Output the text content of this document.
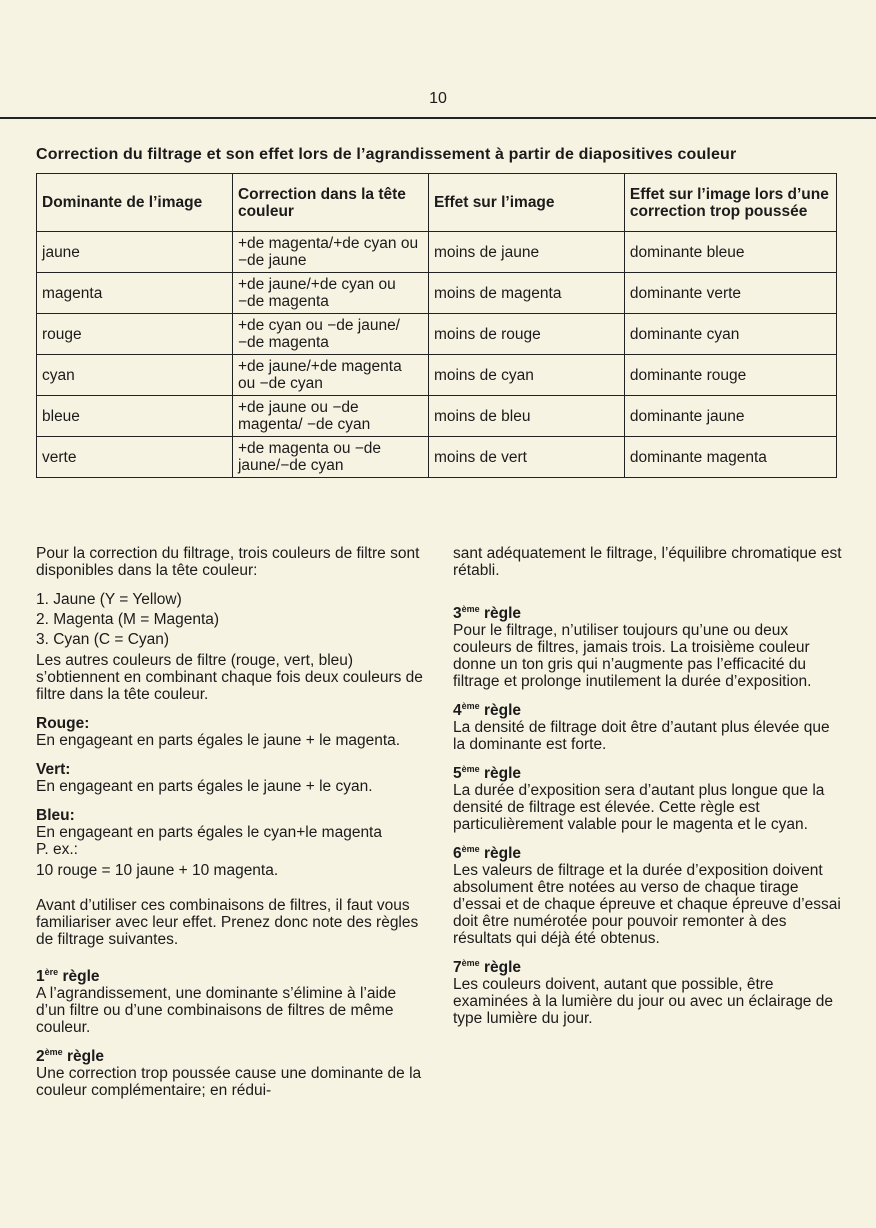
10
Correction du filtrage et son effet lors de l’agrandissement à partir de diapositives couleur
Dominante de l’image	Correction dans la tête couleur	Effet sur l’image	Effet sur l’image lors d’une correction trop poussée
jaune	+de magenta/+de cyan ou −de jaune	moins de jaune	dominante bleue
magenta	+de jaune/+de cyan ou −de magenta	moins de magenta	dominante verte
rouge	+de cyan ou −de jaune/−de magenta	moins de rouge	dominante cyan
cyan	+de jaune/+de magenta ou −de cyan	moins de cyan	dominante rouge
bleue	+de jaune ou −de magenta/ −de cyan	moins de bleu	dominante jaune
verte	+de magenta ou −de jaune/−de cyan	moins de vert	dominante magenta

Pour la correction du filtrage, trois couleurs de filtre sont disponibles dans la tête couleur:

1. Jaune (Y = Yellow)
2. Magenta (M = Magenta)
3. Cyan (C = Cyan)

Les autres couleurs de filtre (rouge, vert, bleu) s’obtiennent en combinant chaque fois deux couleurs de filtre dans la tête couleur.

Rouge:
En engageant en parts égales le jaune + le magenta.

Vert:
En engageant en parts égales le jaune + le cyan.

Bleu:
En engageant en parts égales le cyan+le magenta
P. ex.:

10 rouge = 10 jaune + 10 magenta.

Avant d’utiliser ces combinaisons de filtres, il faut vous familiariser avec leur effet. Prenez donc note des règles de filtrage suivantes.

1ère règle
A l’agrandissement, une dominante s’élimine à l’aide d’un filtre ou d’une combinaisons de filtres de même couleur.

2ème règle
Une correction trop poussée cause une dominante de la couleur complémentaire; en rédui-

sant adéquatement le filtrage, l’équilibre chromatique est rétabli.

3ème règle
Pour le filtrage, n’utiliser toujours qu’une ou deux couleurs de filtres, jamais trois. La troisième couleur donne un ton gris qui n’augmente pas l’efficacité du filtrage et prolonge inutilement la durée d’exposition.

4ème règle
La densité de filtrage doit être d’autant plus élevée que la dominante est forte.

5ème règle
La durée d’exposition sera d’autant plus longue que la densité de filtrage est élevée. Cette règle est particulièrement valable pour le magenta et le cyan.

6ème règle
Les valeurs de filtrage et la durée d’exposition doivent absolument être notées au verso de chaque tirage d’essai et de chaque épreuve et chaque épreuve d’essai doit être numérotée pour pouvoir remonter à des résultats qui déjà été obtenus.

7ème règle
Les couleurs doivent, autant que possible, être examinées à la lumière du jour ou avec un éclairage de type lumière du jour.
